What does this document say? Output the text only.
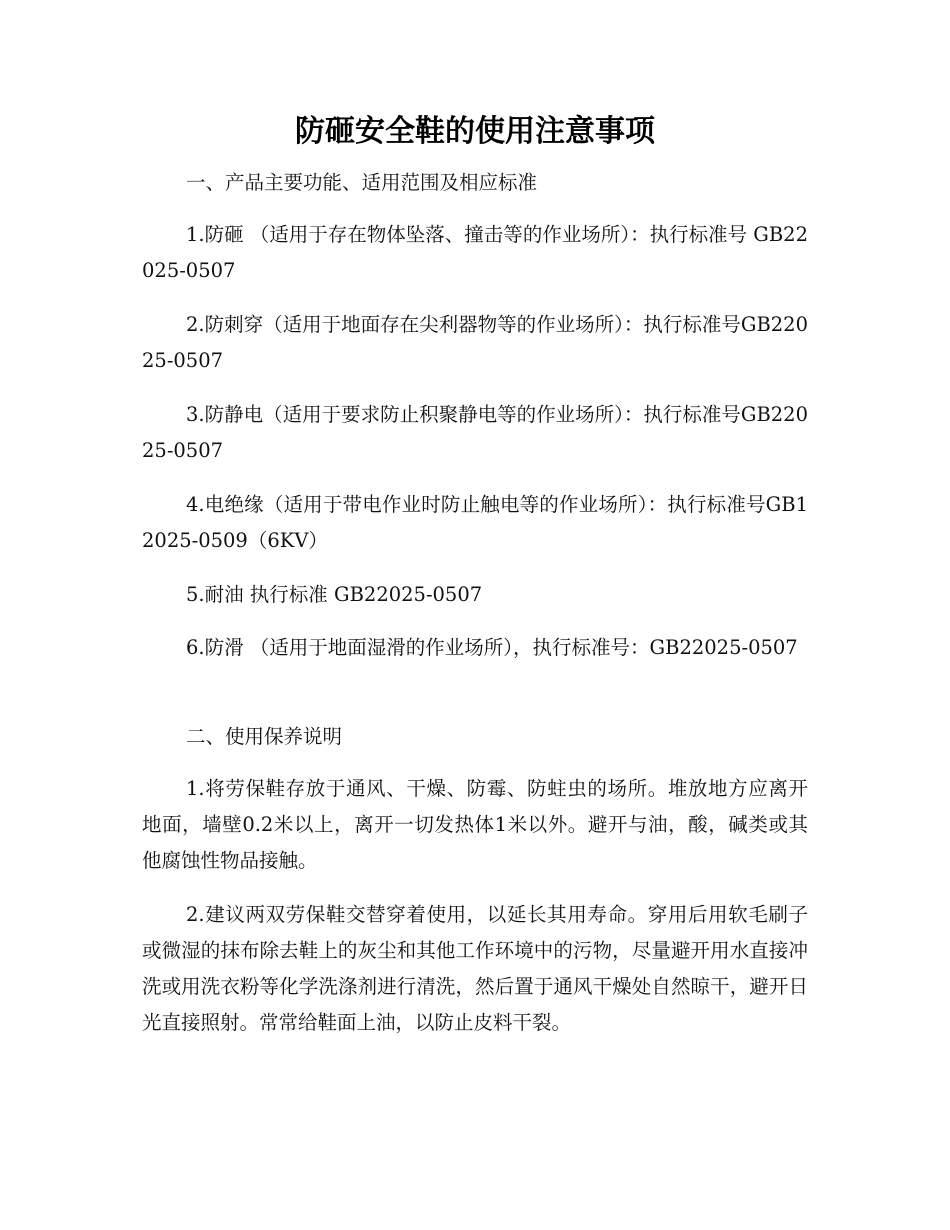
防砸安全鞋的使用注意事项

一、产品主要功能、适用范围及相应标准

1.防砸 （适用于存在物体坠落、撞击等的作业场所）：执行标准号 GB22025-0507

2.防刺穿（适用于地面存在尖利器物等的作业场所）：执行标准号GB22025-0507

3.防静电（适用于要求防止积聚静电等的作业场所）：执行标准号GB22025-0507

4.电绝缘（适用于带电作业时防止触电等的作业场所）：执行标准号GB12025-0509（6KV）

5.耐油 执行标准 GB22025-0507

6.防滑 （适用于地面湿滑的作业场所），执行标准号：GB22025-0507

二、使用保养说明

1.将劳保鞋存放于通风、干燥、防霉、防蛀虫的场所。堆放地方应离开地面，墙壁0.2米以上，离开一切发热体1米以外。避开与油，酸，碱类或其他腐蚀性物品接触。

2.建议两双劳保鞋交替穿着使用，以延长其用寿命。穿用后用软毛刷子或微湿的抹布除去鞋上的灰尘和其他工作环境中的污物，尽量避开用水直接冲洗或用洗衣粉等化学洗涤剂进行清洗，然后置于通风干燥处自然晾干，避开日光直接照射。常常给鞋面上油，以防止皮料干裂。
